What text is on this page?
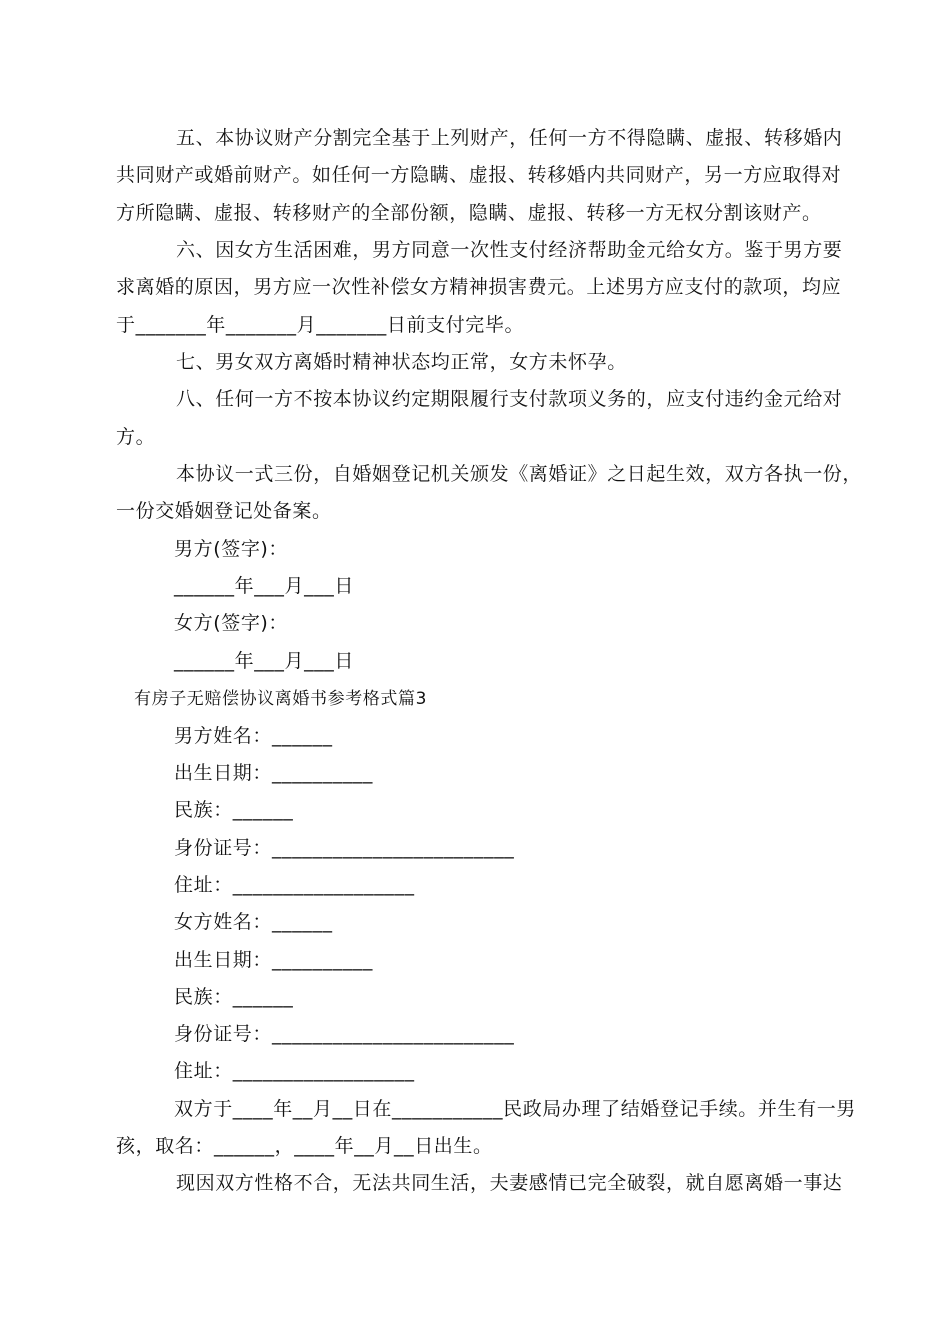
五、本协议财产分割完全基于上列财产，任何一方不得隐瞒、虚报、转移婚内
共同财产或婚前财产。如任何一方隐瞒、虚报、转移婚内共同财产，另一方应取得对
方所隐瞒、虚报、转移财产的全部份额，隐瞒、虚报、转移一方无权分割该财产。
六、因女方生活困难，男方同意一次性支付经济帮助金元给女方。鉴于男方要
求离婚的原因，男方应一次性补偿女方精神损害费元。上述男方应支付的款项，均应
于_______年_______月_______日前支付完毕。
七、男女双方离婚时精神状态均正常，女方未怀孕。
八、任何一方不按本协议约定期限履行支付款项义务的，应支付违约金元给对
方。
本协议一式三份，自婚姻登记机关颁发《离婚证》之日起生效，双方各执一份，
一份交婚姻登记处备案。
男方(签字)：
______年___月___日
女方(签字)：
______年___月___日
有房子无赔偿协议离婚书参考格式篇3
男方姓名：______
出生日期：__________
民族：______
身份证号：________________________
住址：__________________
女方姓名：______
出生日期：__________
民族：______
身份证号：________________________
住址：__________________
双方于____年__月__日在___________民政局办理了结婚登记手续。并生有一男
孩，取名：______，____年__月__日出生。
现因双方性格不合，无法共同生活，夫妻感情已完全破裂，就自愿离婚一事达
